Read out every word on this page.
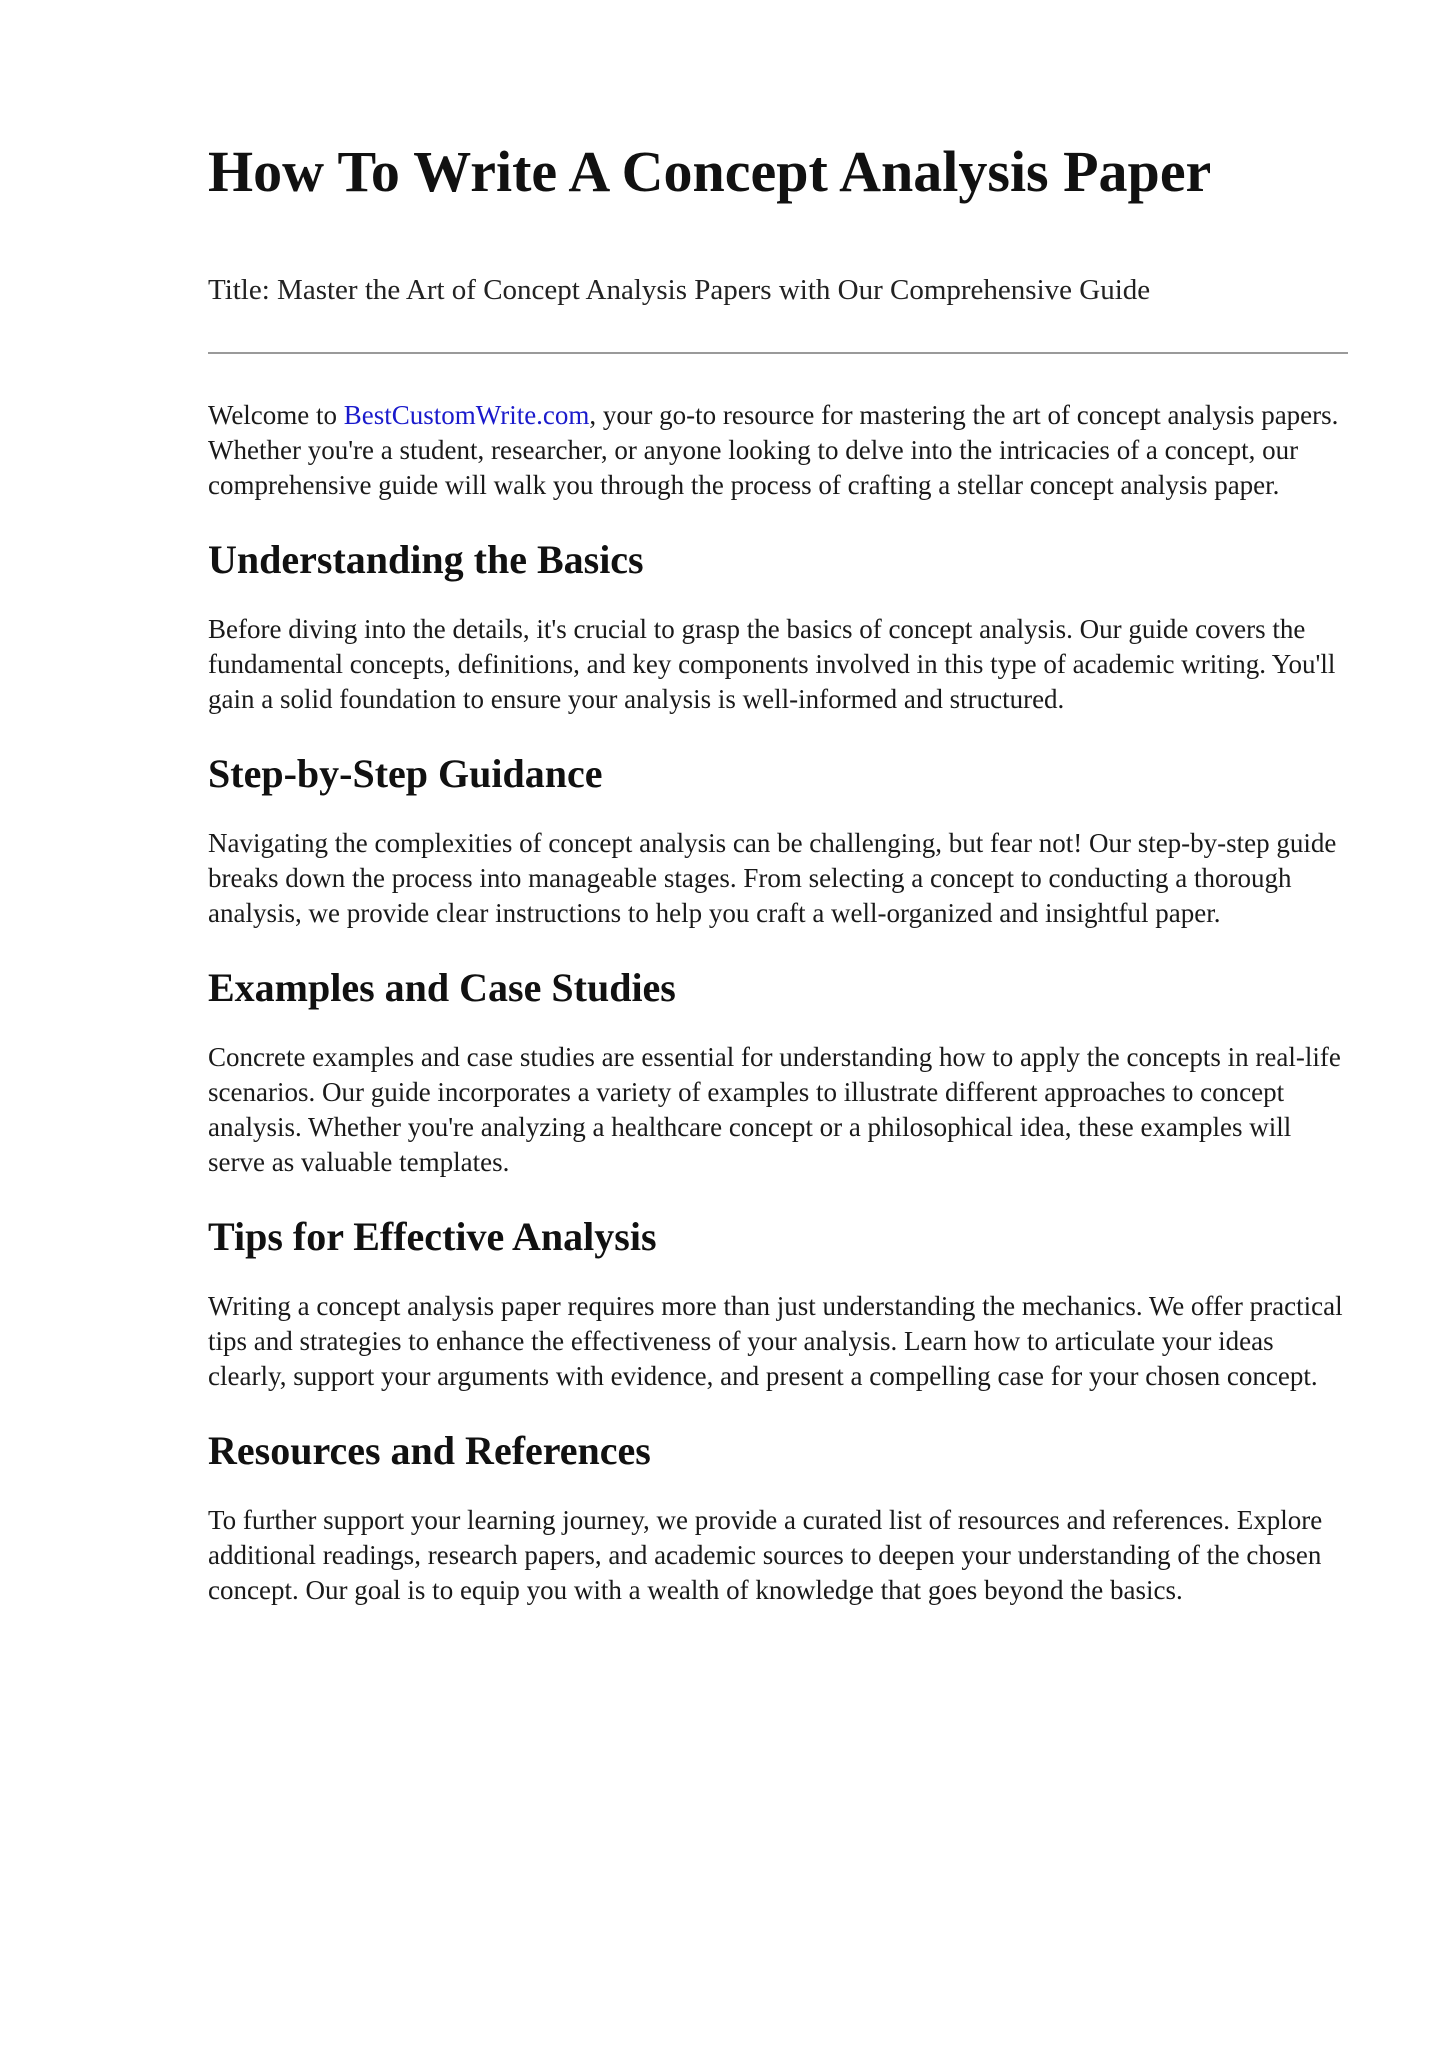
How To Write A Concept Analysis Paper

Title: Master the Art of Concept Analysis Papers with Our Comprehensive Guide

Welcome to BestCustomWrite.com, your go-to resource for mastering the art of concept analysis papers. Whether you're a student, researcher, or anyone looking to delve into the intricacies of a concept, our comprehensive guide will walk you through the process of crafting a stellar concept analysis paper.

Understanding the Basics

Before diving into the details, it's crucial to grasp the basics of concept analysis. Our guide covers the fundamental concepts, definitions, and key components involved in this type of academic writing. You'll gain a solid foundation to ensure your analysis is well-informed and structured.

Step-by-Step Guidance

Navigating the complexities of concept analysis can be challenging, but fear not! Our step-by-step guide breaks down the process into manageable stages. From selecting a concept to conducting a thorough analysis, we provide clear instructions to help you craft a well-organized and insightful paper.

Examples and Case Studies

Concrete examples and case studies are essential for understanding how to apply the concepts in real-life scenarios. Our guide incorporates a variety of examples to illustrate different approaches to concept analysis. Whether you're analyzing a healthcare concept or a philosophical idea, these examples will serve as valuable templates.

Tips for Effective Analysis

Writing a concept analysis paper requires more than just understanding the mechanics. We offer practical tips and strategies to enhance the effectiveness of your analysis. Learn how to articulate your ideas clearly, support your arguments with evidence, and present a compelling case for your chosen concept.

Resources and References

To further support your learning journey, we provide a curated list of resources and references. Explore additional readings, research papers, and academic sources to deepen your understanding of the chosen concept. Our goal is to equip you with a wealth of knowledge that goes beyond the basics.
